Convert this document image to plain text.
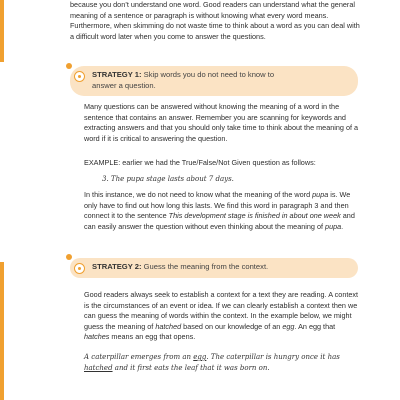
because you don’t understand one word. Good readers can understand what the general meaning of a sentence or paragraph is without knowing what every word means. Furthermore, when skimming do not waste time to think about a word as you can deal with a difficult word later when you come to answer the questions.

STRATEGY 1: Skip words you do not need to know to answer a question.

Many questions can be answered without knowing the meaning of a word in the sentence that contains an answer. Remember you are scanning for keywords and extracting answers and that you should only take time to think about the meaning of a word if it is critical to answering the question.

EXAMPLE: earlier we had the True/False/Not Given question as follows:

3. The pupa stage lasts about 7 days.

In this instance, we do not need to know what the meaning of the word pupa is. We only have to find out how long this lasts. We find this word in paragraph 3 and then connect it to the sentence This development stage is finished in about one week and can easily answer the question without even thinking about the meaning of pupa.

STRATEGY 2: Guess the meaning from the context.

Good readers always seek to establish a context for a text they are reading. A context is the circumstances of an event or idea. If we can clearly establish a context then we can guess the meaning of words within the context. In the example below, we might guess the meaning of hatched based on our knowledge of an egg. An egg that hatches means an egg that opens.

A caterpillar emerges from an egg. The caterpillar is hungry once it has hatched and it first eats the leaf that it was born on.
